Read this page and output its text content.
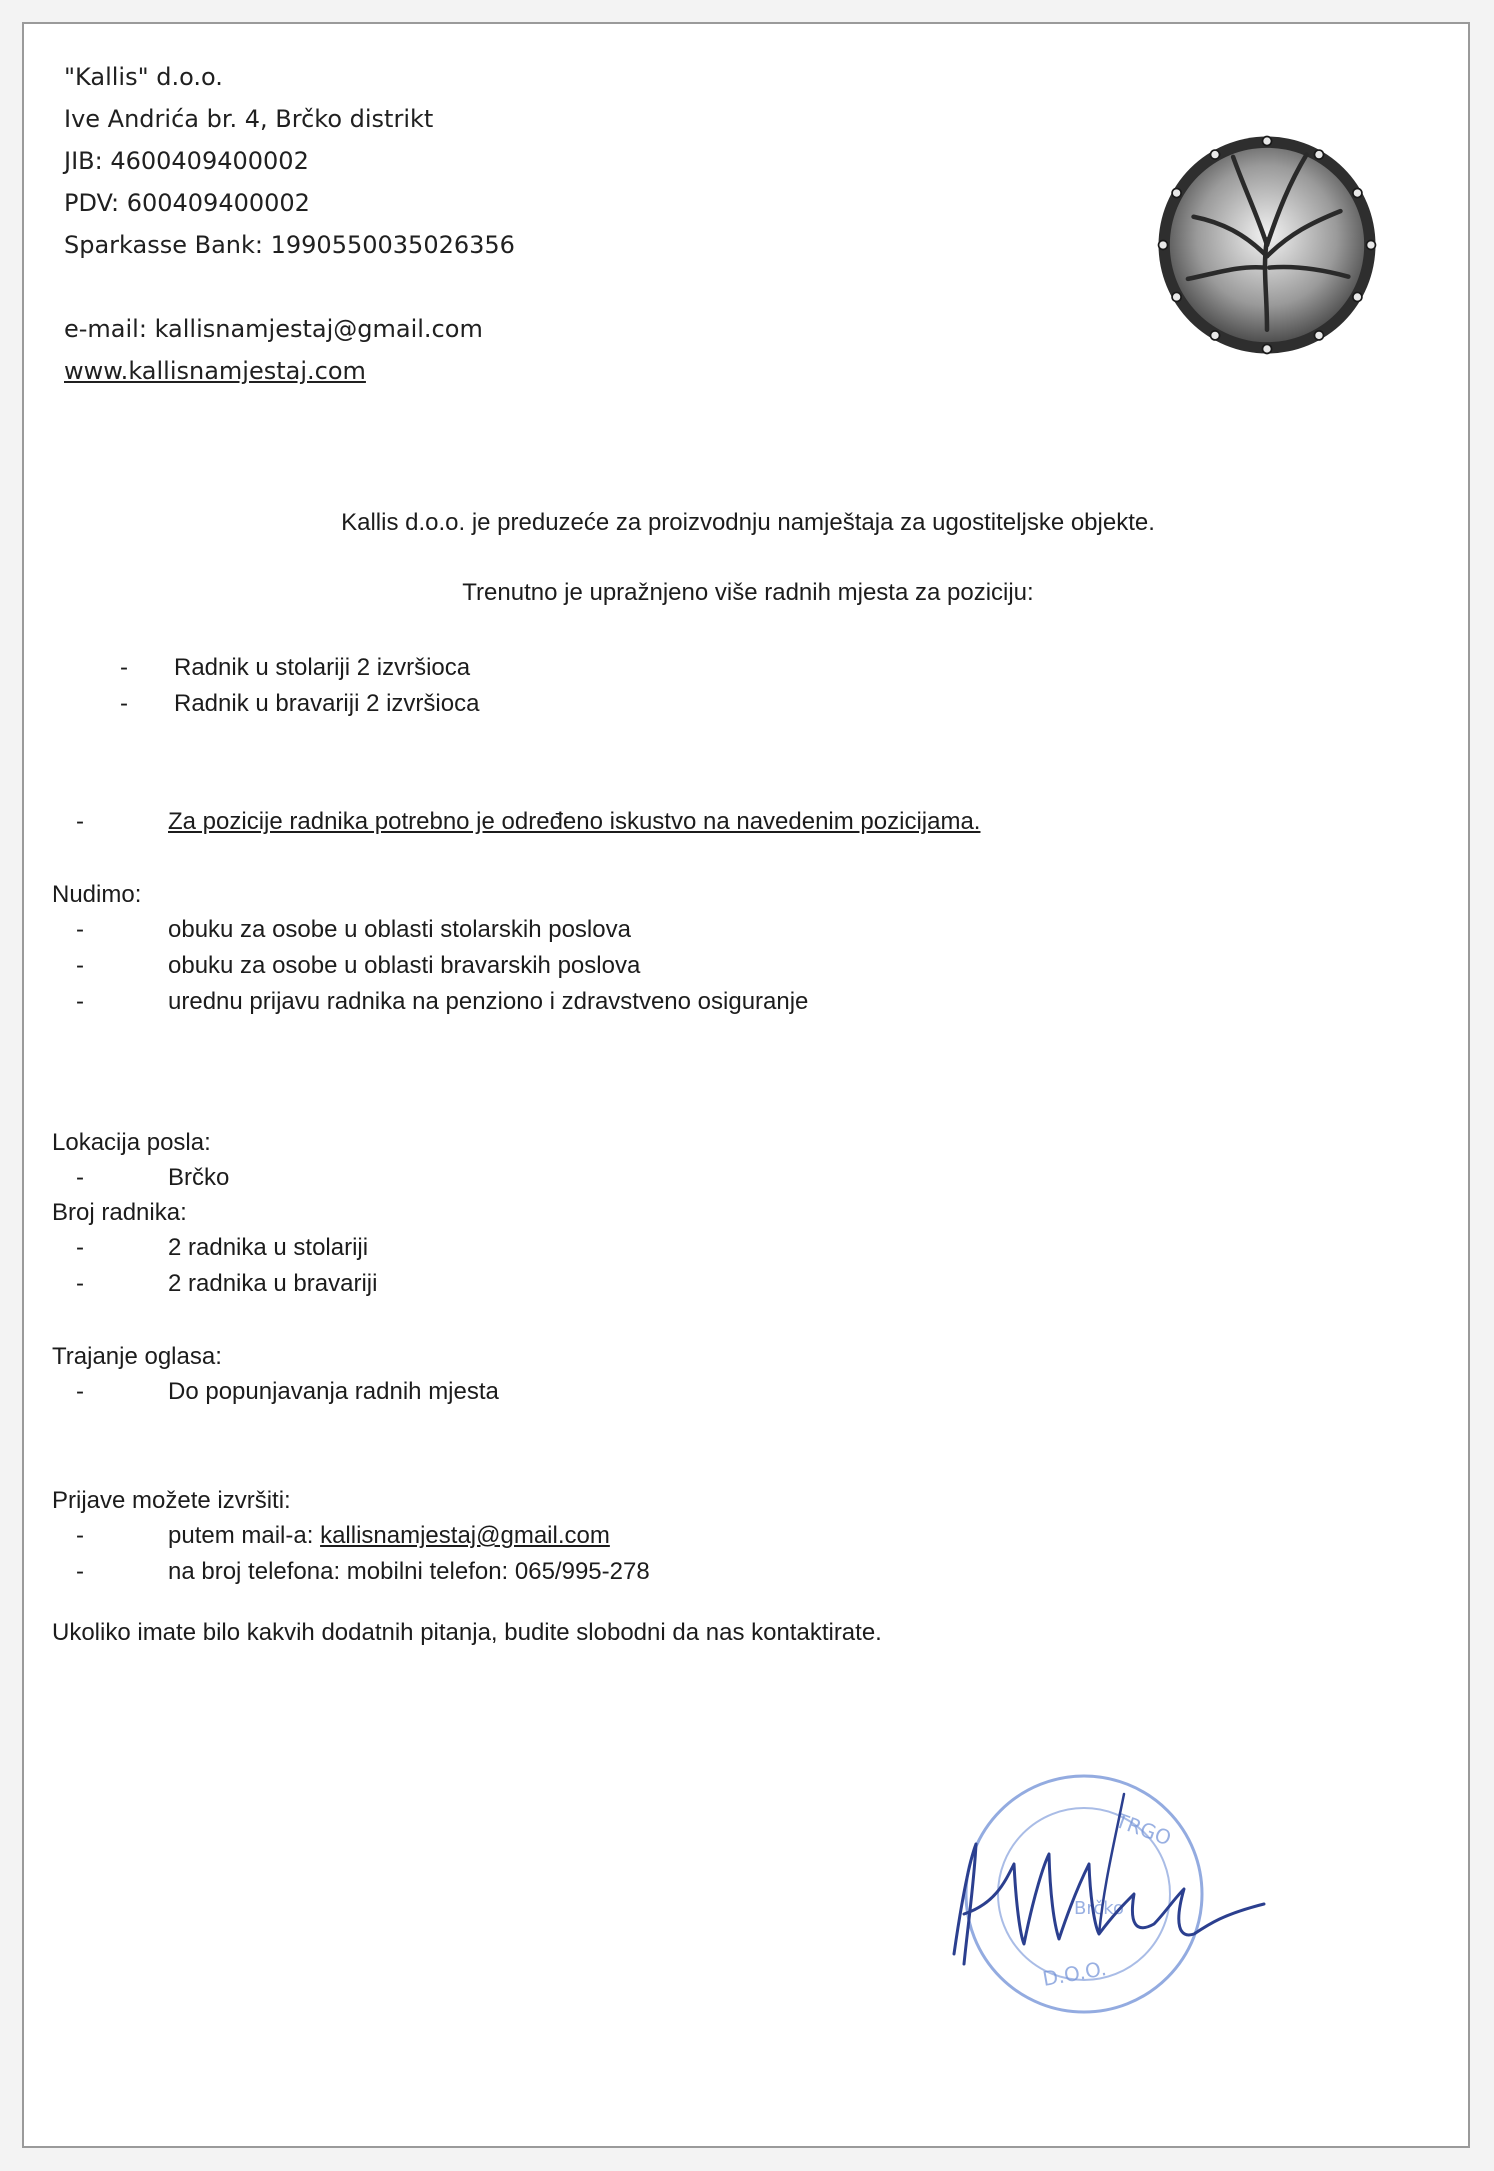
"Kallis" d.o.o.
Ive Andrića br. 4, Brčko distrikt
JIB: 4600409400002
PDV: 600409400002
Sparkasse Bank: 1990550035026356
e-mail: kallisnamjestaj@gmail.com
www.kallisnamjestaj.com
Kallis d.o.o. je preduzeće za proizvodnju namještaja za ugostiteljske objekte.
Trenutno je upražnjeno više radnih mjesta za poziciju:
- Radnik u stolariji 2 izvršioca
- Radnik u bravariji 2 izvršioca
-	Za pozicije radnika potrebno je određeno iskustvo na navedenim pozicijama.
Nudimo:
-	obuku za osobe u oblasti stolarskih poslova
-	obuku za osobe u oblasti bravarskih poslova
-	urednu prijavu radnika na penziono i zdravstveno osiguranje
Lokacija posla:
-	Brčko
Broj radnika:
-	2 radnika u stolariji
-	2 radnika u bravariji
Trajanje oglasa:
-	Do popunjavanja radnih mjesta
Prijave možete izvršiti:
-	putem mail-a: kallisnamjestaj@gmail.com
-	na broj telefona: mobilni telefon: 065/995-278
Ukoliko imate bilo kakvih dodatnih pitanja, budite slobodni da nas kontaktirate.
TRGO
Brčko
D.O.O.
